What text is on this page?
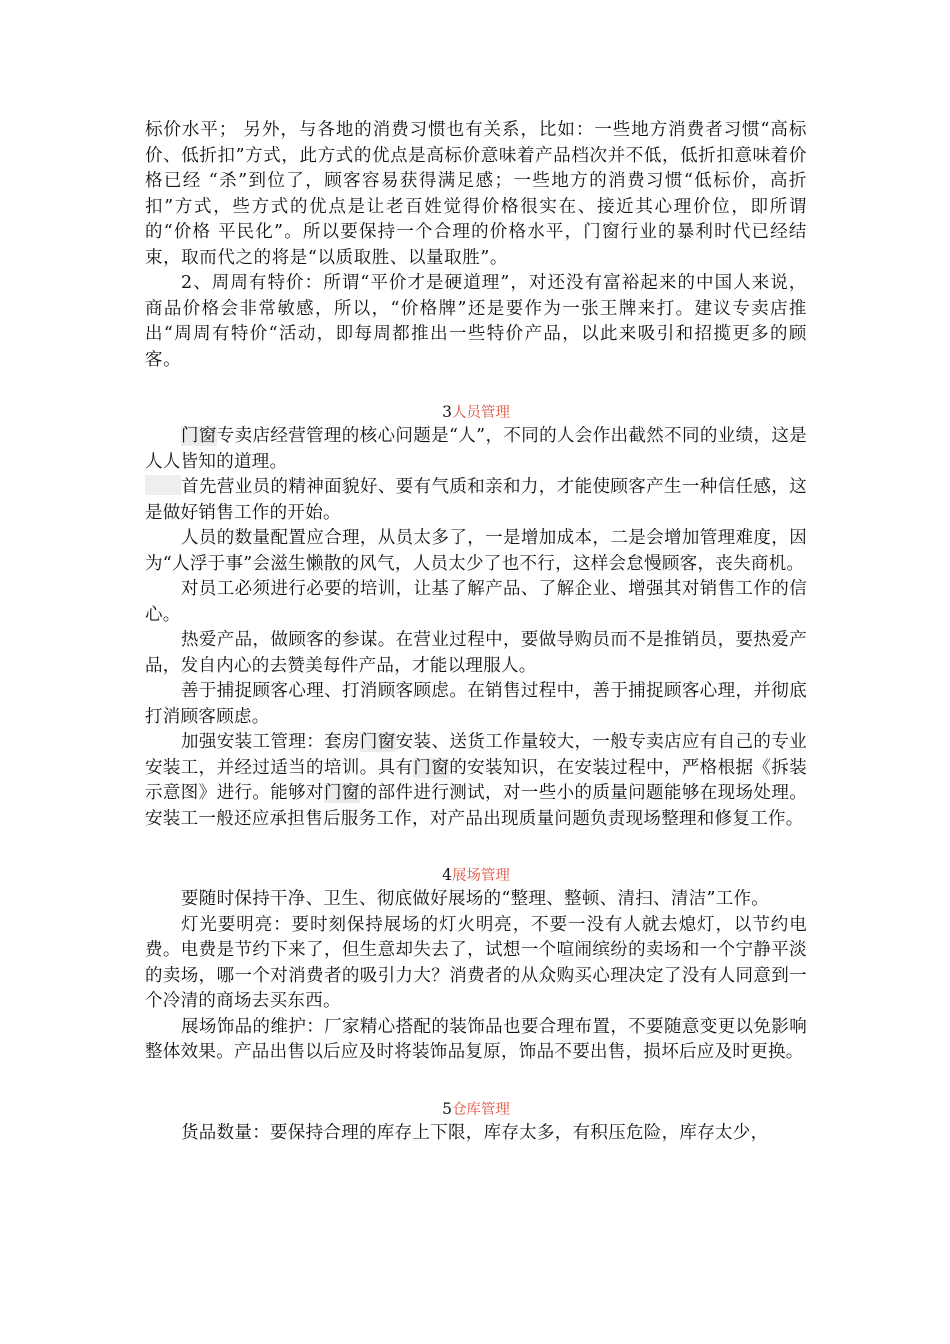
标价水平； 另外，与各地的消费习惯也有关系，比如：一些地方消费者习惯“高标价、低折扣”方式，此方式的优点是高标价意味着产品档次并不低，低折扣意味着价格已经 “杀”到位了，顾客容易获得满足感；一些地方的消费习惯“低标价，高折扣”方式，些方式的优点是让老百姓觉得价格很实在、接近其心理价位，即所谓的“价格 平民化”。所以要保持一个合理的价格水平，门窗行业的暴利时代已经结束，取而代之的将是“以质取胜、以量取胜”。

2、周周有特价：所谓“平价才是硬道理”，对还没有富裕起来的中国人来说，商品价格会非常敏感，所以，“价格牌”还是要作为一张王牌来打。建议专卖店推出“周周有特价“活动，即每周都推出一些特价产品，以此来吸引和招揽更多的顾客。

3人员管理

门窗专卖店经营管理的核心问题是“人”，不同的人会作出截然不同的业绩，这是人人皆知的道理。

首先营业员的精神面貌好、要有气质和亲和力，才能使顾客产生一种信任感，这是做好销售工作的开始。

人员的数量配置应合理，从员太多了，一是增加成本，二是会增加管理难度，因为“人浮于事”会滋生懒散的风气，人员太少了也不行，这样会怠慢顾客，丧失商机。

对员工必须进行必要的培训，让基了解产品、了解企业、增强其对销售工作的信心。

热爱产品，做顾客的参谋。在营业过程中，要做导购员而不是推销员，要热爱产品，发自内心的去赞美每件产品，才能以理服人。

善于捕捉顾客心理、打消顾客顾虑。在销售过程中，善于捕捉顾客心理，并彻底打消顾客顾虑。

加强安装工管理：套房门窗安装、送货工作量较大，一般专卖店应有自己的专业安装工，并经过适当的培训。具有门窗的安装知识，在安装过程中，严格根据《拆装示意图》进行。能够对门窗的部件进行测试，对一些小的质量问题能够在现场处理。安装工一般还应承担售后服务工作，对产品出现质量问题负责现场整理和修复工作。

4展场管理

要随时保持干净、卫生、彻底做好展场的“整理、整顿、清扫、清洁”工作。

灯光要明亮：要时刻保持展场的灯火明亮，不要一没有人就去熄灯，以节约电费。电费是节约下来了，但生意却失去了，试想一个喧闹缤纷的卖场和一个宁静平淡的卖场，哪一个对消费者的吸引力大？消费者的从众购买心理决定了没有人同意到一个冷清的商场去买东西。

展场饰品的维护：厂家精心搭配的装饰品也要合理布置，不要随意变更以免影响整体效果。产品出售以后应及时将装饰品复原，饰品不要出售，损坏后应及时更换。

5仓库管理

货品数量：要保持合理的库存上下限，库存太多，有积压危险，库存太少，
